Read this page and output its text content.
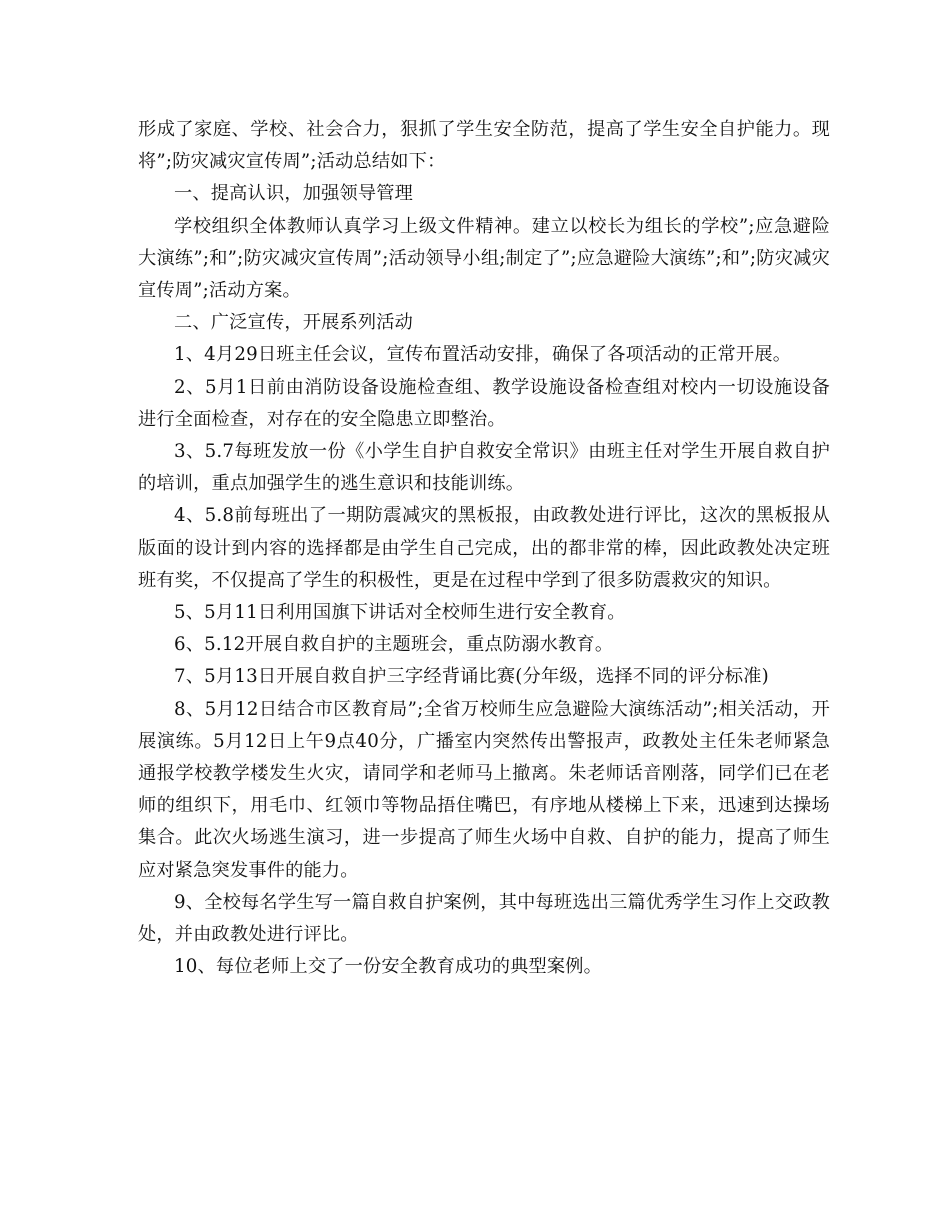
形成了家庭、学校、社会合力，狠抓了学生安全防范，提高了学生安全自护能力。现将”;防灾减灾宣传周”;活动总结如下：

一、提高认识，加强领导管理

学校组织全体教师认真学习上级文件精神。建立以校长为组长的学校”;应急避险大演练”;和”;防灾减灾宣传周”;活动领导小组;制定了”;应急避险大演练”;和”;防灾减灾宣传周”;活动方案。

二、广泛宣传，开展系列活动

1、4月29日班主任会议，宣传布置活动安排，确保了各项活动的正常开展。

2、5月1日前由消防设备设施检查组、教学设施设备检查组对校内一切设施设备进行全面检查，对存在的安全隐患立即整治。

3、5.7每班发放一份《小学生自护自救安全常识》由班主任对学生开展自救自护的培训，重点加强学生的逃生意识和技能训练。

4、5.8前每班出了一期防震减灾的黑板报，由政教处进行评比，这次的黑板报从版面的设计到内容的选择都是由学生自己完成，出的都非常的棒，因此政教处决定班班有奖，不仅提高了学生的积极性，更是在过程中学到了很多防震救灾的知识。

5、5月11日利用国旗下讲话对全校师生进行安全教育。

6、5.12开展自救自护的主题班会，重点防溺水教育。

7、5月13日开展自救自护三字经背诵比赛(分年级，选择不同的评分标准)

8、5月12日结合市区教育局”;全省万校师生应急避险大演练活动”;相关活动，开展演练。5月12日上午9点40分，广播室内突然传出警报声，政教处主任朱老师紧急通报学校教学楼发生火灾，请同学和老师马上撤离。朱老师话音刚落，同学们已在老师的组织下，用毛巾、红领巾等物品捂住嘴巴，有序地从楼梯上下来，迅速到达操场集合。此次火场逃生演习，进一步提高了师生火场中自救、自护的能力，提高了师生应对紧急突发事件的能力。

9、全校每名学生写一篇自救自护案例，其中每班选出三篇优秀学生习作上交政教处，并由政教处进行评比。

10、每位老师上交了一份安全教育成功的典型案例。
